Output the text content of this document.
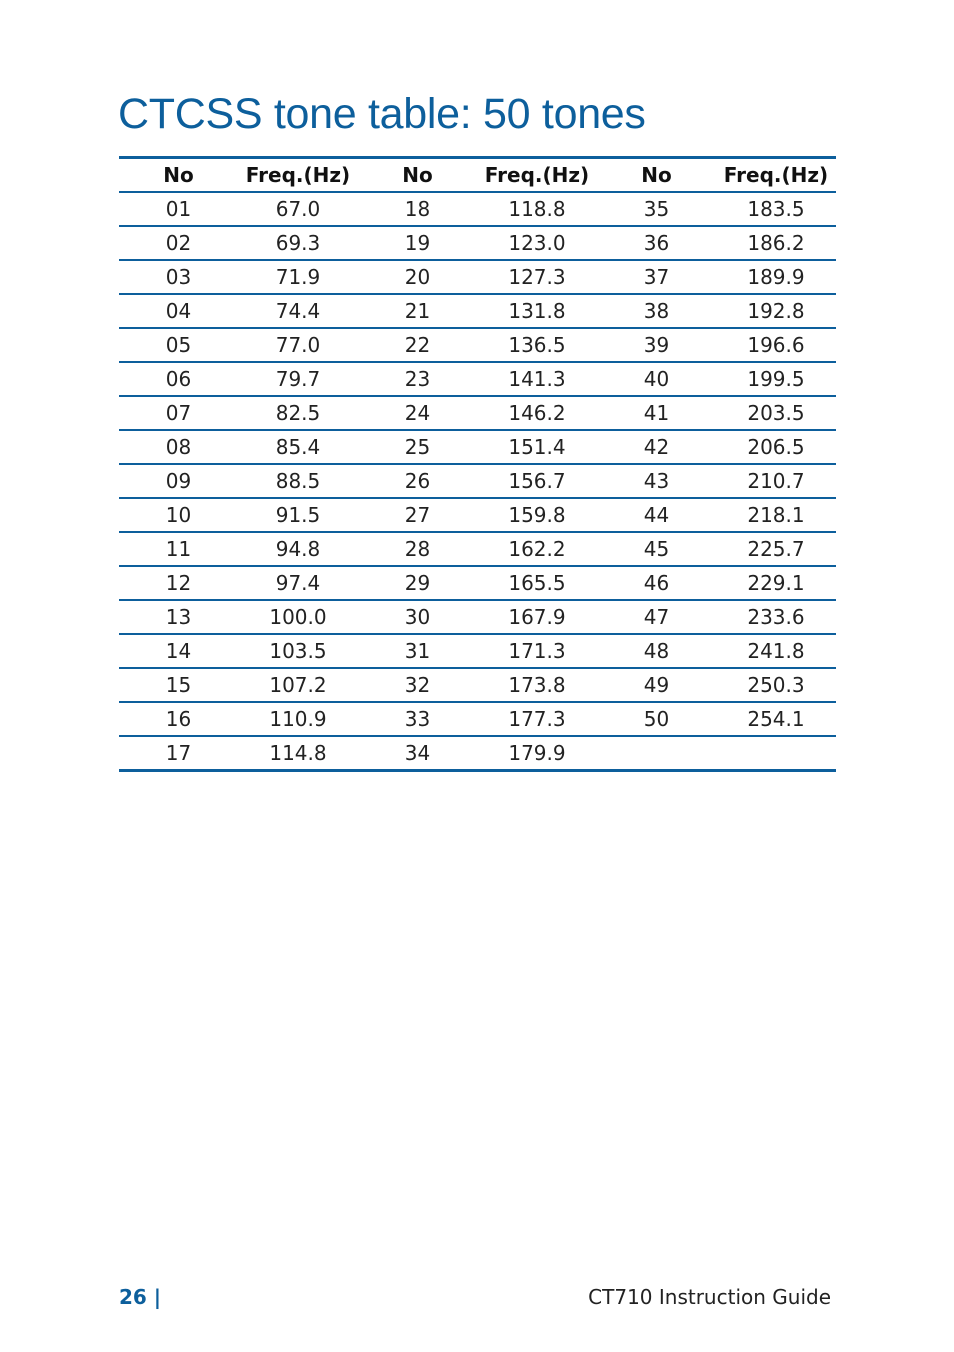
CTCSS tone table: 50 tones
No	Freq.(Hz)	No	Freq.(Hz)	No	Freq.(Hz)
01	67.0	18	118.8	35	183.5
02	69.3	19	123.0	36	186.2
03	71.9	20	127.3	37	189.9
04	74.4	21	131.8	38	192.8
05	77.0	22	136.5	39	196.6
06	79.7	23	141.3	40	199.5
07	82.5	24	146.2	41	203.5
08	85.4	25	151.4	42	206.5
09	88.5	26	156.7	43	210.7
10	91.5	27	159.8	44	218.1
11	94.8	28	162.2	45	225.7
12	97.4	29	165.5	46	229.1
13	100.0	30	167.9	47	233.6
14	103.5	31	171.3	48	241.8
15	107.2	32	173.8	49	250.3
16	110.9	33	177.3	50	254.1
17	114.8	34	179.9		
26 |	CT710 Instruction Guide
